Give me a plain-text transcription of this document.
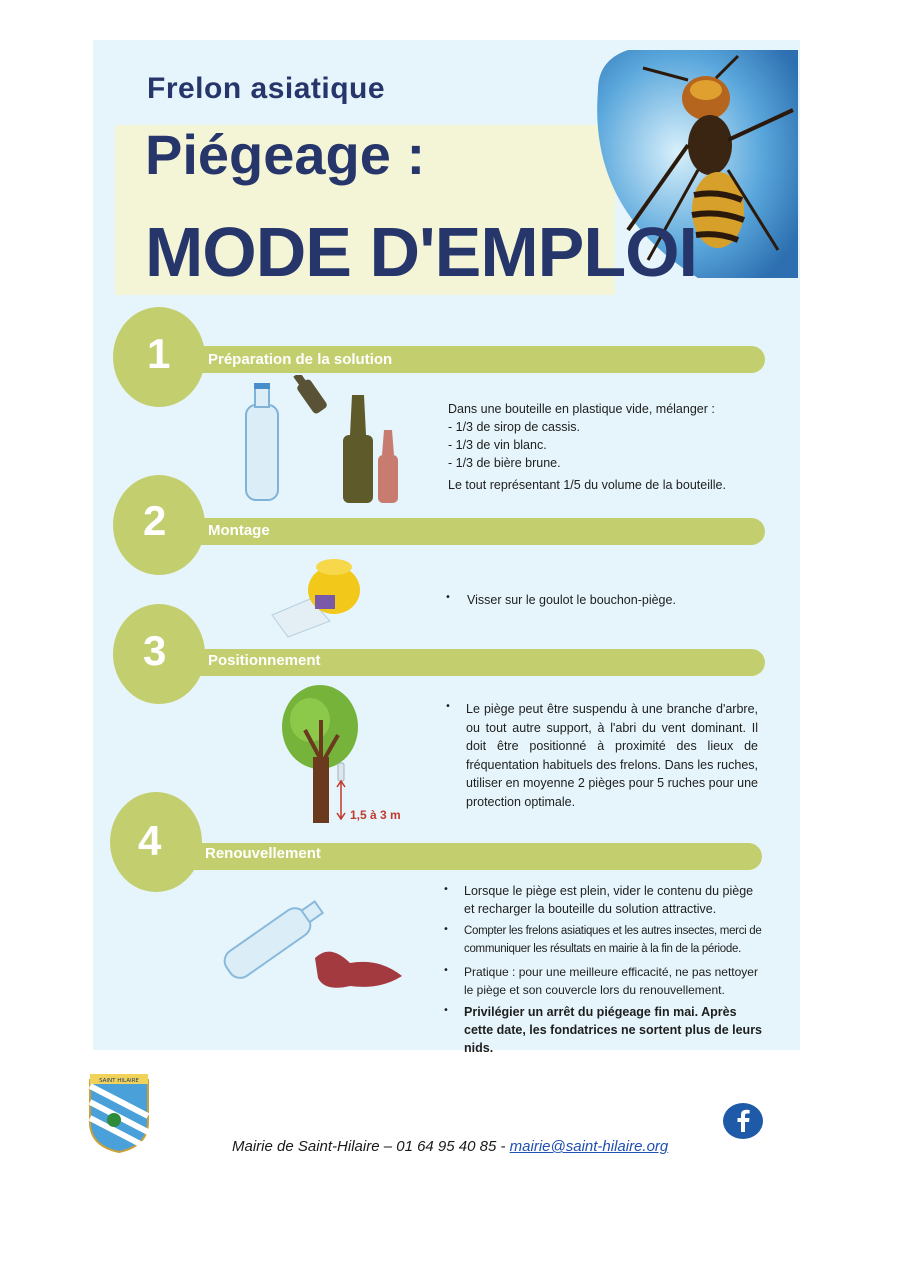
Frelon asiatique
Piégeage :
MODE D'EMPLOI
1	Préparation de la solution
Dans une bouteille en plastique vide, mélanger :
- 1/3 de sirop de cassis.
- 1/3 de vin blanc.
- 1/3 de bière brune.
Le tout représentant 1/5 du volume de la bouteille.
2	Montage
• Visser sur le goulot le bouchon-piège.
3	Positionnement
1,5 à 3 m
• Le piège peut être suspendu à une branche d'arbre, ou tout autre support, à l'abri du vent dominant. Il doit être positionné à proximité des lieux de fréquentation habituels des frelons. Dans les ruches, utiliser en moyenne 2 pièges pour 5 ruches pour une protection optimale.
4	Renouvellement
• Lorsque le piège est plein, vider le contenu du piège et recharger la bouteille du solution attractive.
• Compter les frelons asiatiques et les autres insectes, merci de communiquer les résultats en mairie à la fin de la période.
• Pratique : pour une meilleure efficacité, ne pas nettoyer le piège et son couvercle lors du renouvellement.
• Privilégier un arrêt du piégeage fin mai. Après cette date, les fondatrices ne sortent plus de leurs nids.
SAINT HILAIRE
Mairie de Saint-Hilaire – 01 64 95 40 85 - mairie@saint-hilaire.org
